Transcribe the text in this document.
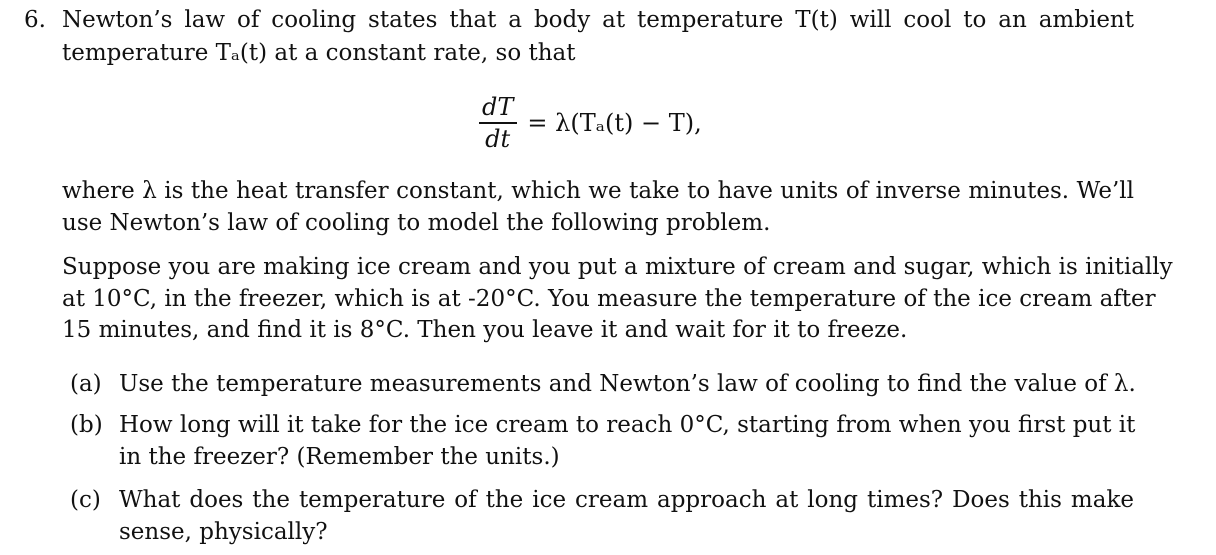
6. Newton’s law of cooling states that a body at temperature T(t) will cool to an ambient
temperature Tₐ(t) at a constant rate, so that
$\frac{dT}{dt} = \lambda(T_a(t) - T)$,
where λ is the heat transfer constant, which we take to have units of inverse minutes. We’ll
use Newton’s law of cooling to model the following problem.
Suppose you are making ice cream and you put a mixture of cream and sugar, which is initially
at 10°C, in the freezer, which is at -20°C. You measure the temperature of the ice cream after
15 minutes, and find it is 8°C. Then you leave it and wait for it to freeze.
(a) Use the temperature measurements and Newton’s law of cooling to find the value of λ.
(b) How long will it take for the ice cream to reach 0°C, starting from when you first put it
in the freezer? (Remember the units.)
(c) What does the temperature of the ice cream approach at long times? Does this make
sense, physically?
